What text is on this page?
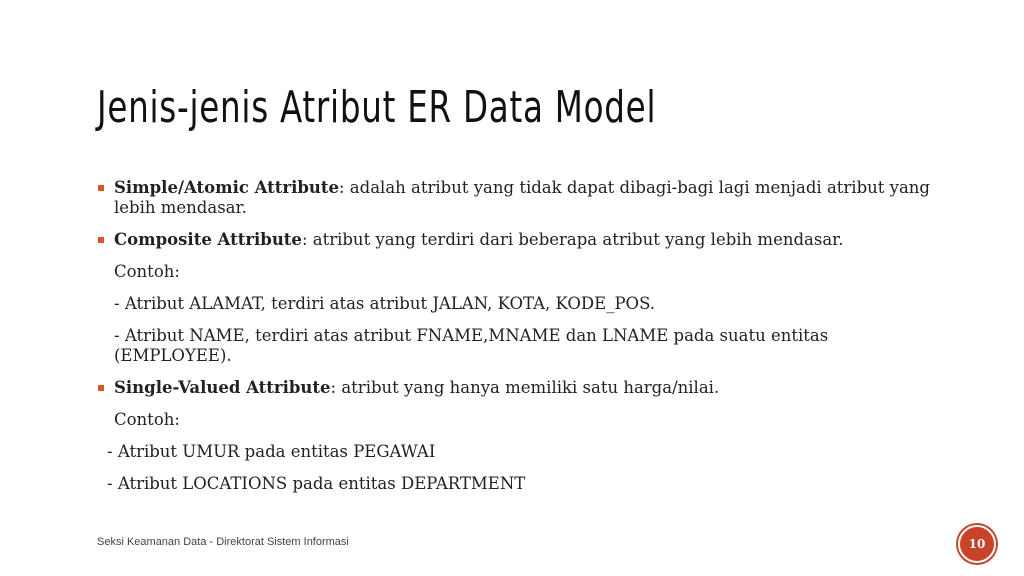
Jenis-jenis Atribut ER Data Model
Simple/Atomic Attribute: adalah atribut yang tidak dapat dibagi-bagi lagi menjadi atribut yang lebih mendasar.
Composite Attribute: atribut yang terdiri dari beberapa atribut yang lebih mendasar.
Contoh:
- Atribut ALAMAT, terdiri atas atribut JALAN, KOTA, KODE_POS.
- Atribut NAME, terdiri atas atribut FNAME,MNAME dan LNAME pada suatu entitas (EMPLOYEE).
Single-Valued Attribute: atribut yang hanya memiliki satu harga/nilai.
Contoh:
- Atribut UMUR pada entitas PEGAWAI
- Atribut LOCATIONS pada entitas DEPARTMENT
Seksi Keamanan Data - Direktorat Sistem Informasi	10
